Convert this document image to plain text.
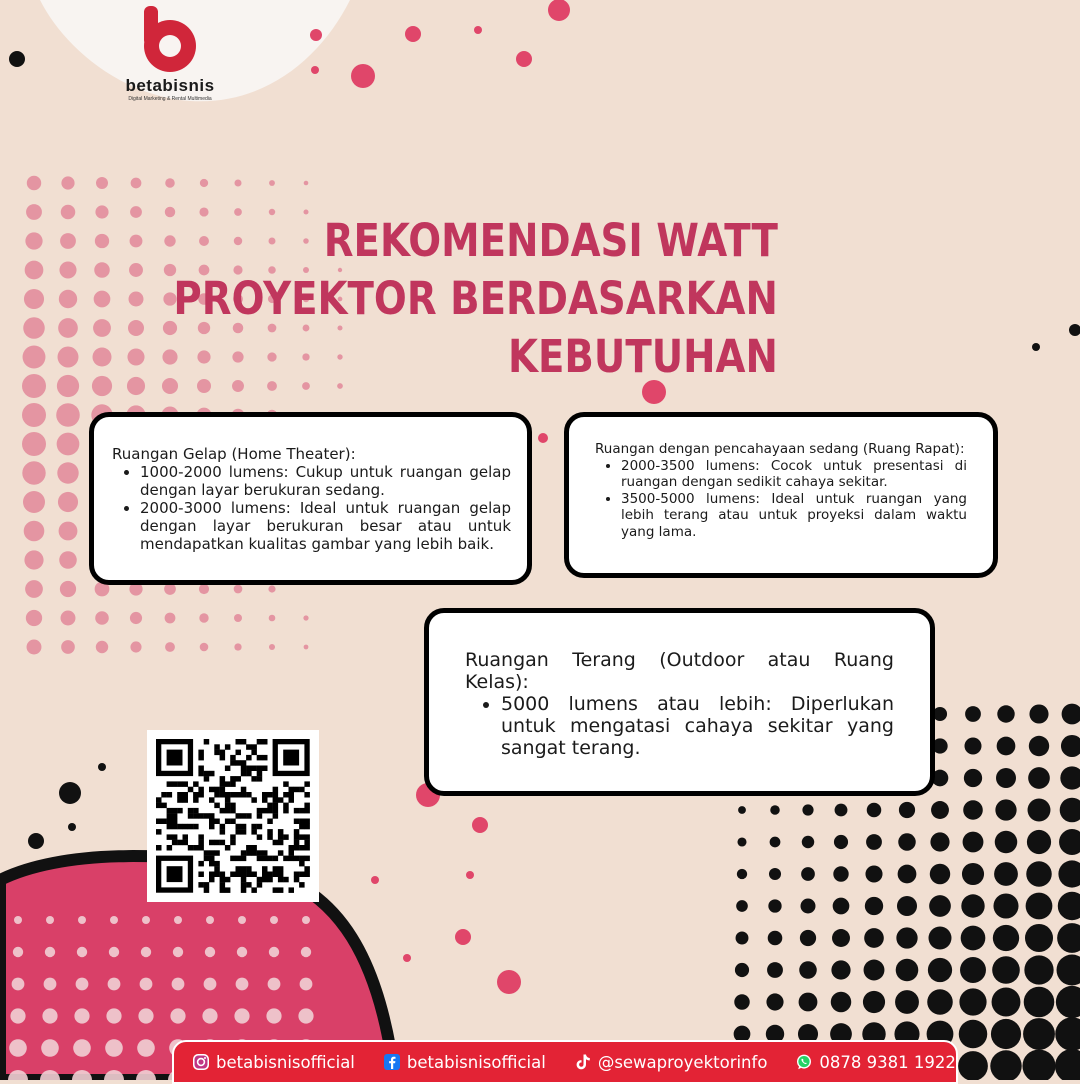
betabisnis
Digital Marketing & Rental Multimedia
REKOMENDASI WATT
PROYEKTOR BERDASARKAN
KEBUTUHAN
Ruangan Gelap (Home Theater):
• 1000-2000 lumens: Cukup untuk ruangan gelap dengan layar berukuran sedang.
• 2000-3000 lumens: Ideal untuk ruangan gelap dengan layar berukuran besar atau untuk mendapatkan kualitas gambar yang lebih baik.
Ruangan dengan pencahayaan sedang (Ruang Rapat):
• 2000-3500 lumens: Cocok untuk presentasi di ruangan dengan sedikit cahaya sekitar.
• 3500-5000 lumens: Ideal untuk ruangan yang lebih terang atau untuk proyeksi dalam waktu yang lama.
Ruangan Terang (Outdoor atau Ruang Kelas):
• 5000 lumens atau lebih: Diperlukan untuk mengatasi cahaya sekitar yang sangat terang.
betabisnisofficial	betabisnisofficial	@sewaproyektorinfo	0878 9381 1922
